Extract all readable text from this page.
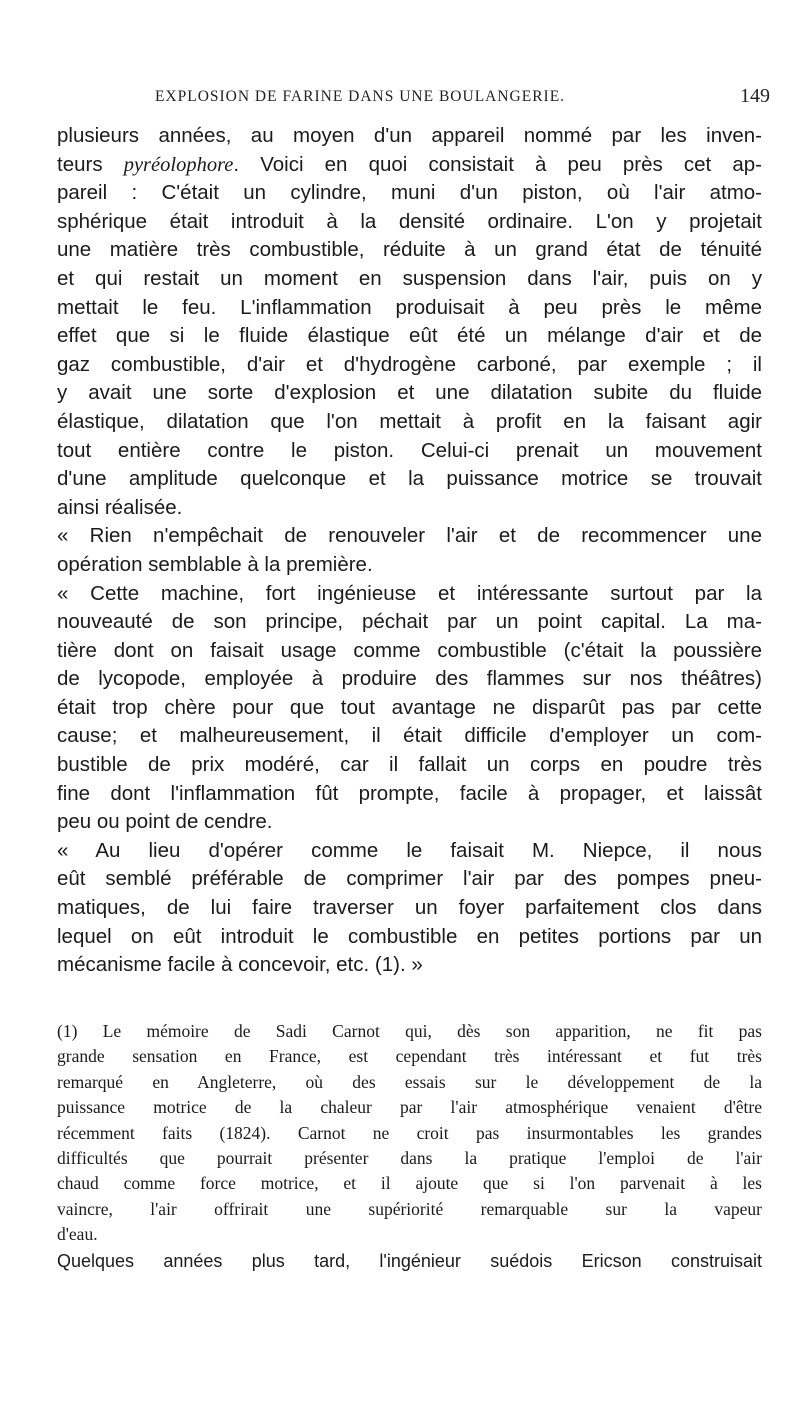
EXPLOSION DE FARINE DANS UNE BOULANGERIE.	149
plusieurs années, au moyen d'un appareil nommé par les inven-
teurs pyréolophore. Voici en quoi consistait à peu près cet ap-
pareil : C'était un cylindre, muni d'un piston, où l'air atmo-
sphérique était introduit à la densité ordinaire. L'on y projetait
une matière très combustible, réduite à un grand état de ténuité
et qui restait un moment en suspension dans l'air, puis on y
mettait le feu. L'inflammation produisait à peu près le même
effet que si le fluide élastique eût été un mélange d'air et de
gaz combustible, d'air et d'hydrogène carboné, par exemple ; il
y avait une sorte d'explosion et une dilatation subite du fluide
élastique, dilatation que l'on mettait à profit en la faisant agir
tout entière contre le piston. Celui-ci prenait un mouvement
d'une amplitude quelconque et la puissance motrice se trouvait
ainsi réalisée.
« Rien n'empêchait de renouveler l'air et de recommencer une
opération semblable à la première.
« Cette machine, fort ingénieuse et intéressante surtout par la
nouveauté de son principe, péchait par un point capital. La ma-
tière dont on faisait usage comme combustible (c'était la poussière
de lycopode, employée à produire des flammes sur nos théâtres)
était trop chère pour que tout avantage ne disparût pas par cette
cause; et malheureusement, il était difficile d'employer un com-
bustible de prix modéré, car il fallait un corps en poudre très
fine dont l'inflammation fût prompte, facile à propager, et laissât
peu ou point de cendre.
« Au lieu d'opérer comme le faisait M. Niepce, il nous
eût semblé préférable de comprimer l'air par des pompes pneu-
matiques, de lui faire traverser un foyer parfaitement clos dans
lequel on eût introduit le combustible en petites portions par un
mécanisme facile à concevoir, etc. (1). »
(1) Le mémoire de Sadi Carnot qui, dès son apparition, ne fit pas
grande sensation en France, est cependant très intéressant et fut très
remarqué en Angleterre, où des essais sur le développement de la
puissance motrice de la chaleur par l'air atmosphérique venaient d'être
récemment faits (1824). Carnot ne croit pas insurmontables les grandes
difficultés que pourrait présenter dans la pratique l'emploi de l'air
chaud comme force motrice, et il ajoute que si l'on parvenait à les
vaincre, l'air offrirait une supériorité remarquable sur la vapeur
d'eau.
Quelques années plus tard, l'ingénieur suédois Ericson construisait
